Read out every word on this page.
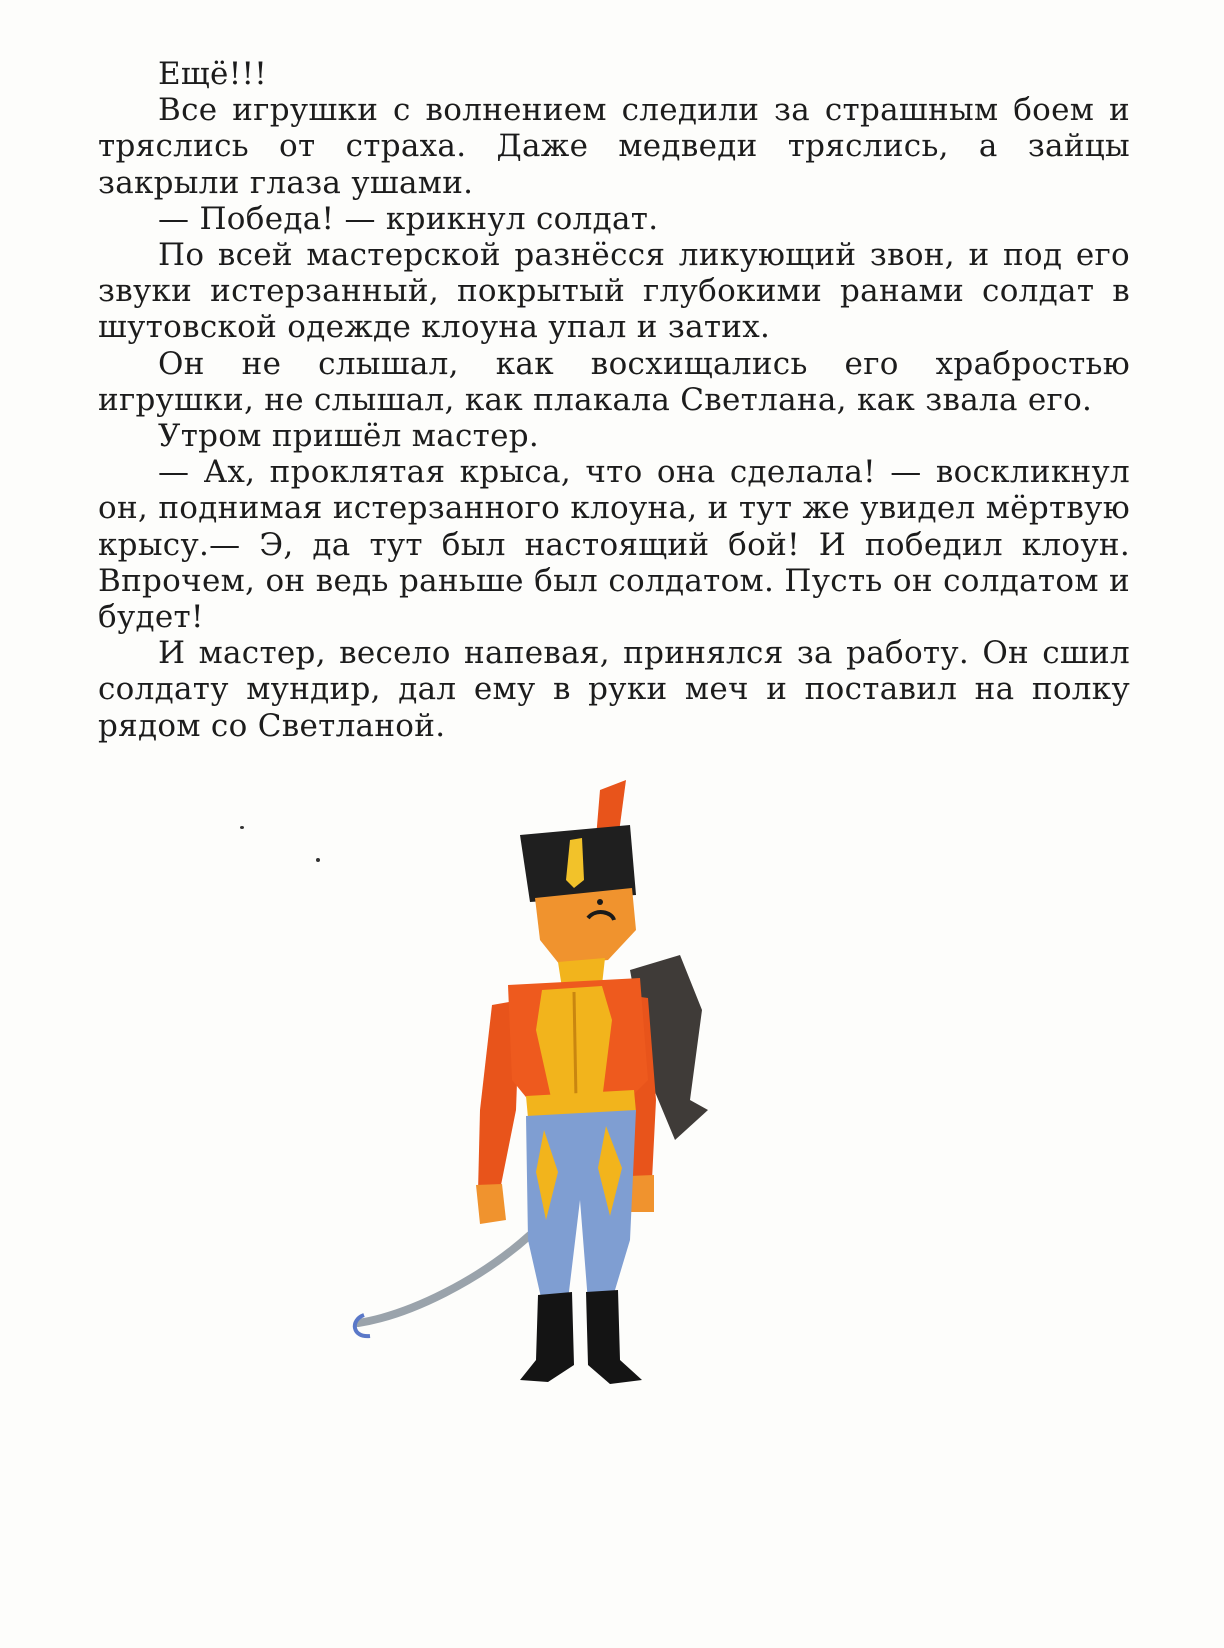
Ещё!!!

Все игрушки с волнением следили за страшным боем и тряслись от страха. Даже медведи тряслись, а зайцы закрыли глаза ушами.

— Победа! — крикнул солдат.

По всей мастерской разнёсся ликующий звон, и под его звуки истерзанный, покрытый глубокими ранами солдат в шутовской одежде клоуна упал и затих.

Он не слышал, как восхищались его храбростью игрушки, не слышал, как плакала Светлана, как звала его.

Утром пришёл мастер.

— Ах, проклятая крыса, что она сделала! — воскликнул он, поднимая истерзанного клоуна, и тут же увидел мёртвую крысу.— Э, да тут был настоящий бой! И победил клоун. Впрочем, он ведь раньше был солдатом. Пусть он солдатом и будет!

И мастер, весело напевая, принялся за работу. Он сшил солдату мундир, дал ему в руки меч и поставил на полку рядом со Светланой.
